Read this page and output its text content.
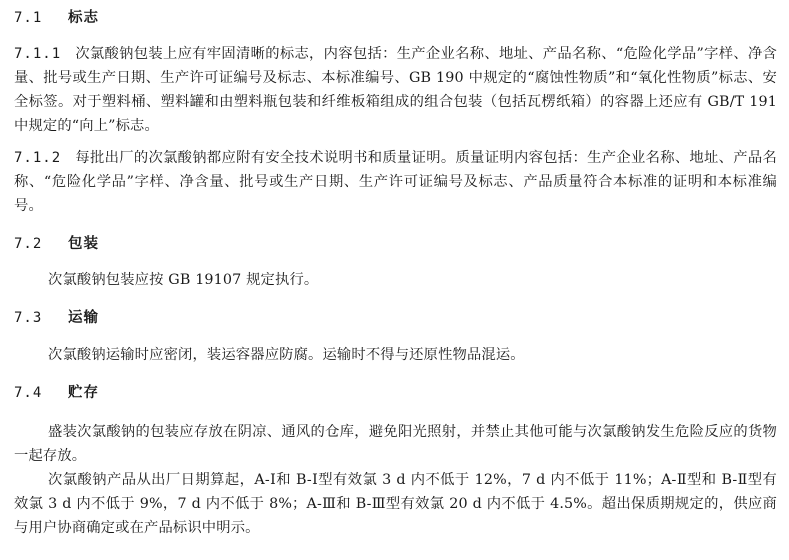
7.1	标志

7.1.1 次氯酸钠包装上应有牢固清晰的标志，内容包括：生产企业名称、地址、产品名称、“危险化学品”字样、净含量、批号或生产日期、生产许可证编号及标志、本标准编号、GB 190 中规定的“腐蚀性物质”和“氧化性物质”标志、安全标签。对于塑料桶、塑料罐和由塑料瓶包装和纤维板箱组成的组合包装（包括瓦楞纸箱）的容器上还应有 GB/T 191 中规定的“向上”标志。

7.1.2 每批出厂的次氯酸钠都应附有安全技术说明书和质量证明。质量证明内容包括：生产企业名称、地址、产品名称、“危险化学品”字样、净含量、批号或生产日期、生产许可证编号及标志、产品质量符合本标准的证明和本标准编号。

7.2	包装

次氯酸钠包装应按 GB 19107 规定执行。

7.3	运输

次氯酸钠运输时应密闭，装运容器应防腐。运输时不得与还原性物品混运。

7.4	贮存

盛装次氯酸钠的包装应存放在阴凉、通风的仓库，避免阳光照射，并禁止其他可能与次氯酸钠发生危险反应的货物一起存放。

次氯酸钠产品从出厂日期算起，A-Ⅰ和 B-Ⅰ型有效氯 3 d 内不低于 12%，7 d 内不低于 11%；A-Ⅱ型和 B-Ⅱ型有效氯 3 d 内不低于 9%，7 d 内不低于 8%；A-Ⅲ和 B-Ⅲ型有效氯 20 d 内不低于 4.5%。超出保质期规定的，供应商与用户协商确定或在产品标识中明示。
